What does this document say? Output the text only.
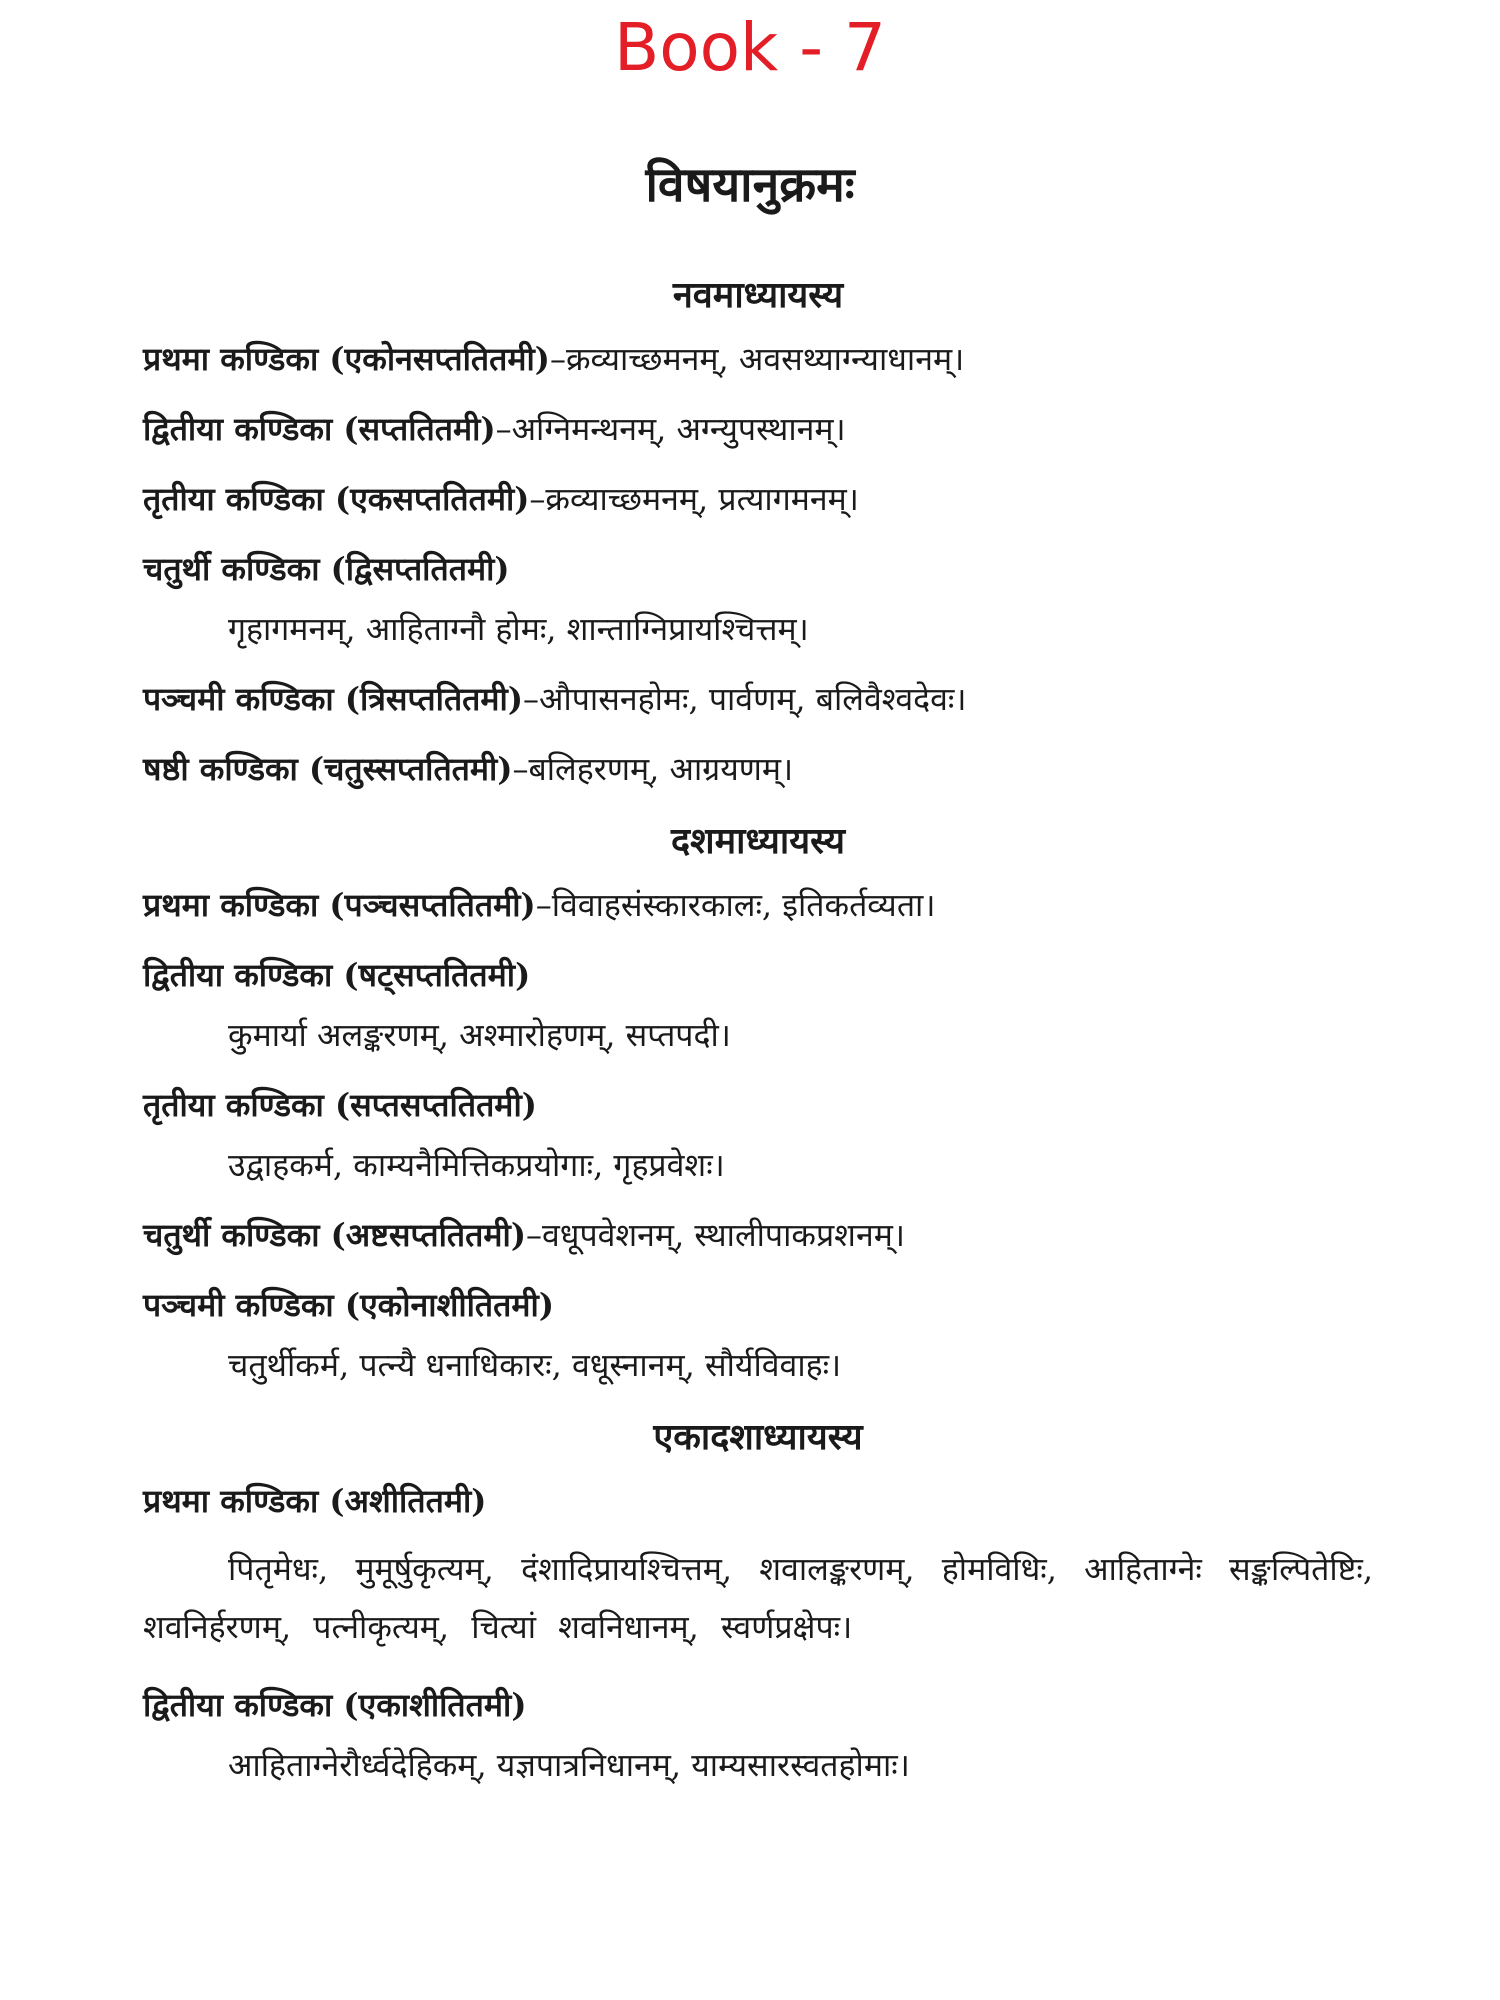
Book - 7
विषयानुक्रमः
नवमाध्यायस्य
प्रथमा कण्डिका (एकोनसप्ततितमी)–क्रव्याच्छमनम्, अवसथ्याग्न्याधानम्।
द्वितीया कण्डिका (सप्ततितमी)–अग्निमन्थनम्, अग्न्युपस्थानम्।
तृतीया कण्डिका (एकसप्ततितमी)–क्रव्याच्छमनम्, प्रत्यागमनम्।
चतुर्थी कण्डिका (द्विसप्ततितमी)
गृहागमनम्, आहिताग्नौ होमः, शान्ताग्निप्रायश्चित्तम्।
पञ्चमी कण्डिका (त्रिसप्ततितमी)–औपासनहोमः, पार्वणम्, बलिवैश्वदेवः।
षष्ठी कण्डिका (चतुस्सप्ततितमी)–बलिहरणम्, आग्रयणम्।
दशमाध्यायस्य
प्रथमा कण्डिका (पञ्चसप्ततितमी)–विवाहसंस्कारकालः, इतिकर्तव्यता।
द्वितीया कण्डिका (षट्सप्ततितमी)
कुमार्या अलङ्करणम्, अश्मारोहणम्, सप्तपदी।
तृतीया कण्डिका (सप्तसप्ततितमी)
उद्वाहकर्म, काम्यनैमित्तिकप्रयोगाः, गृहप्रवेशः।
चतुर्थी कण्डिका (अष्टसप्ततितमी)–वधूपवेशनम्, स्थालीपाकप्रशनम्।
पञ्चमी कण्डिका (एकोनाशीतितमी)
चतुर्थीकर्म, पत्न्यै धनाधिकारः, वधूस्नानम्, सौर्यविवाहः।
एकादशाध्यायस्य
प्रथमा कण्डिका (अशीतितमी)
पितृमेधः, मुमूर्षुकृत्यम्, दंशादिप्रायश्चित्तम्, शवालङ्करणम्, होमविधिः, आहिताग्नेः सङ्कल्पितेष्टिः, शवनिर्हरणम्, पत्नीकृत्यम्, चित्यां शवनिधानम्, स्वर्णप्रक्षेपः।
द्वितीया कण्डिका (एकाशीतितमी)
आहिताग्नेरौर्ध्वदेहिकम्, यज्ञपात्रनिधानम्, याम्यसारस्वतहोमाः।
